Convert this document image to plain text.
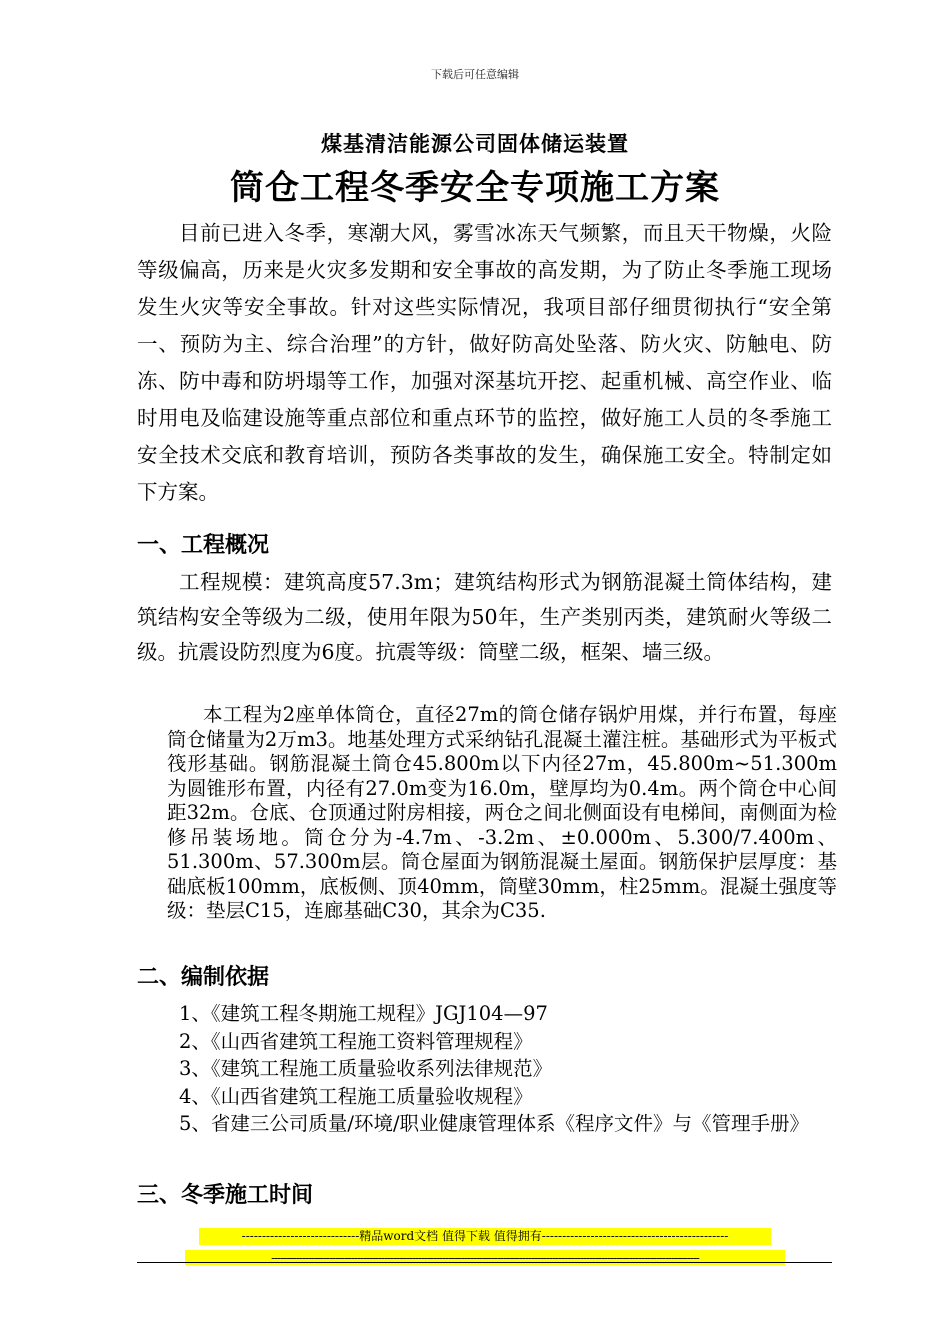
下载后可任意编辑
煤基清洁能源公司固体储运装置
筒仓工程冬季安全专项施工方案

目前已进入冬季，寒潮大风，雾雪冰冻天气频繁，而且天干物燥，火险等级偏高，历来是火灾多发期和安全事故的高发期，为了防止冬季施工现场发生火灾等安全事故。针对这些实际情况，我项目部仔细贯彻执行“安全第一、预防为主、综合治理”的方针，做好防高处坠落、防火灾、防触电、防冻、防中毒和防坍塌等工作，加强对深基坑开挖、起重机械、高空作业、临时用电及临建设施等重点部位和重点环节的监控，做好施工人员的冬季施工安全技术交底和教育培训，预防各类事故的发生，确保施工安全。特制定如下方案。

一、工程概况

工程规模：建筑高度57.3m；建筑结构形式为钢筋混凝土筒体结构，建筑结构安全等级为二级，使用年限为50年，生产类别丙类，建筑耐火等级二级。抗震设防烈度为6度。抗震等级：筒壁二级，框架、墙三级。

本工程为2座单体筒仓，直径27m的筒仓储存锅炉用煤，并行布置，每座筒仓储量为2万m3。地基处理方式采纳钻孔混凝土灌注桩。基础形式为平板式筏形基础。钢筋混凝土筒仓45.800m以下内径27m，45.800m~51.300m为圆锥形布置，内径有27.0m变为16.0m，壁厚均为0.4m。两个筒仓中心间距32m。仓底、仓顶通过附房相接，两仓之间北侧面设有电梯间，南侧面为检修吊装场地。筒仓分为-4.7m、-3.2m、±0.000m、5.300/7.400m、51.300m、57.300m层。筒仓屋面为钢筋混凝土屋面。钢筋保护层厚度：基础底板100mm，底板侧、顶40mm，筒壁30mm，柱25mm。混凝土强度等级：垫层C15，连廊基础C30，其余为C35.

二、编制依据
1、《建筑工程冬期施工规程》JGJ104—97
2、《山西省建筑工程施工资料管理规程》
3、《建筑工程施工质量验收系列法律规范》
4、《山西省建筑工程施工质量验收规程》
5、省建三公司质量/环境/职业健康管理体系《程序文件》与《管理手册》
三、冬季施工时间
-----------------------------精品word文档 值得下载 值得拥有----------------------------------------------
--------------------------------------------------------------------------------------------------------------------------------------------
